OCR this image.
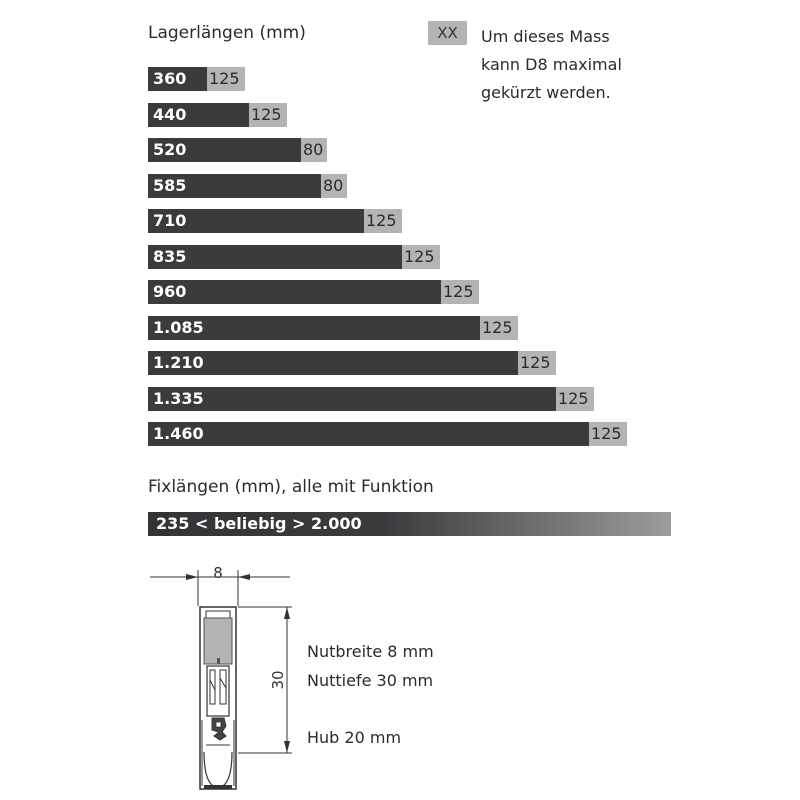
Lagerlängen (mm)	XX	Um dieses Mass
kann D8 maximal
gekürzt werden.
360	125
440	125
520	80
585	80
710	125
835	125
960	125
1.085	125
1.210	125
1.335	125
1.460	125
Fixlängen (mm), alle mit Funktion
235 < beliebig > 2.000
8
30
Nutbreite 8 mm
Nuttiefe 30 mm
Hub 20 mm
